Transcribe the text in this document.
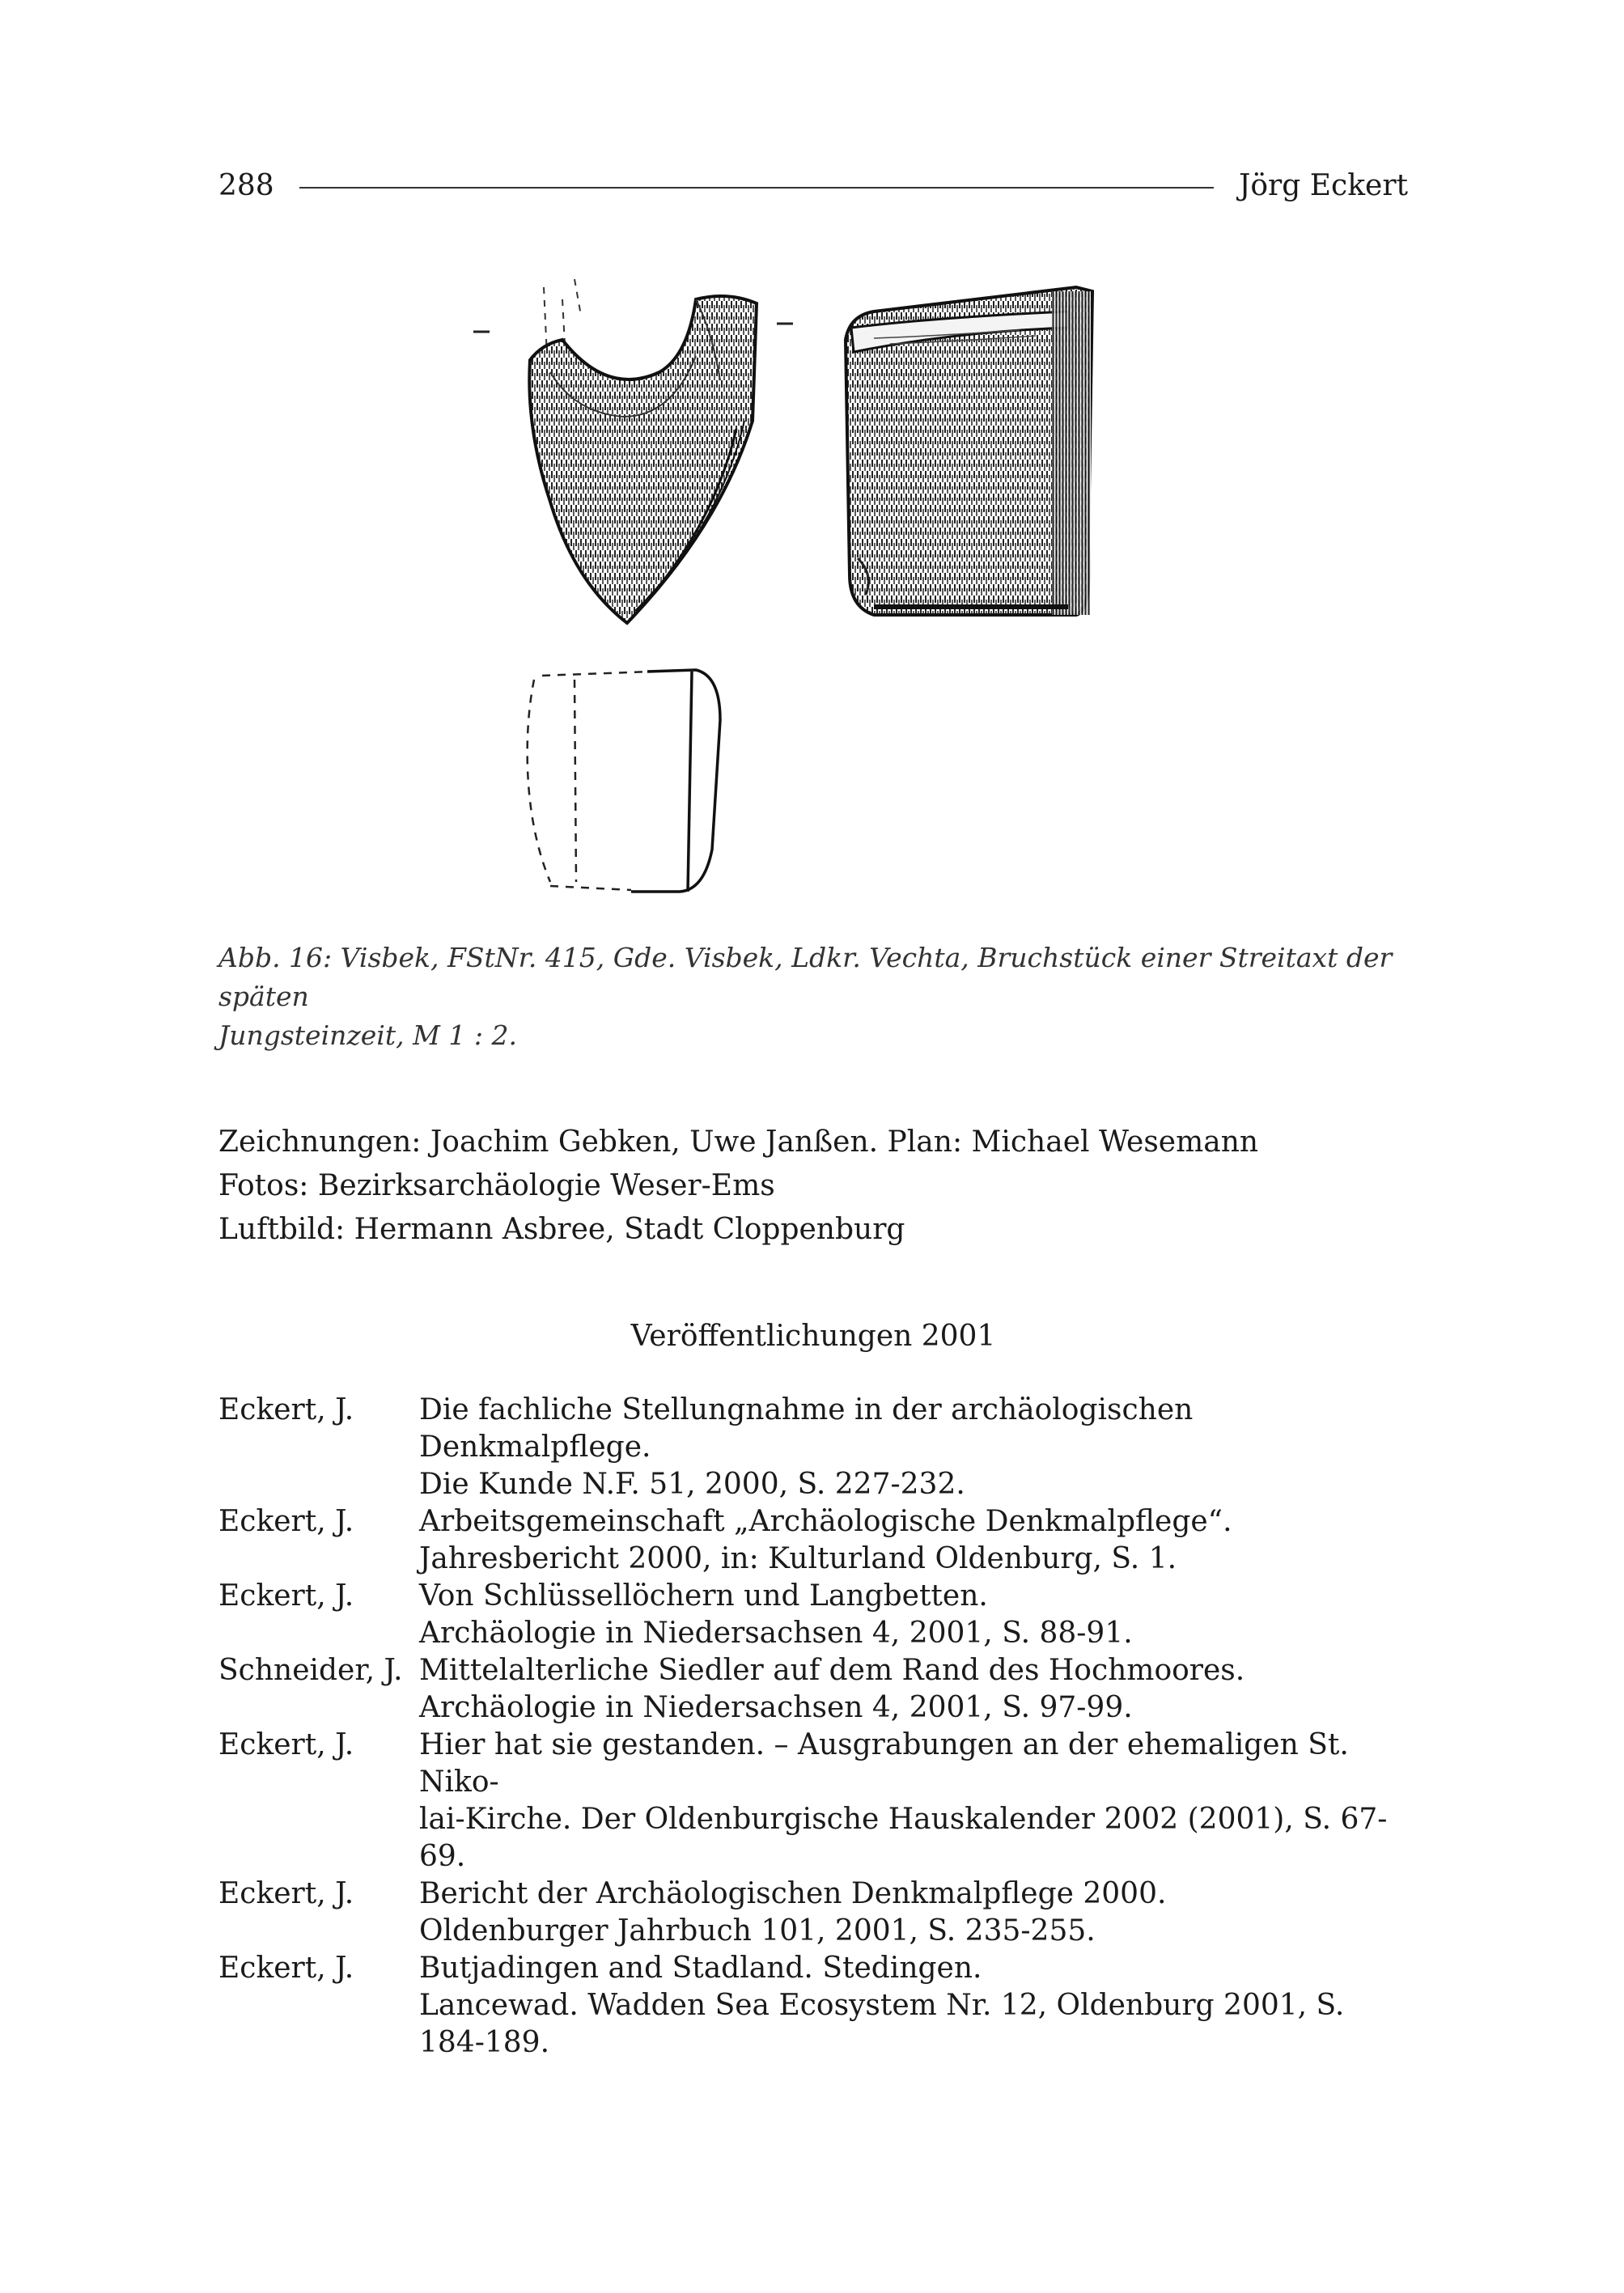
288	Jörg Eckert
Abb. 16: Visbek, FStNr. 415, Gde. Visbek, Ldkr. Vechta, Bruchstück einer Streitaxt der späten
Jungsteinzeit, M 1 : 2.
Zeichnungen: Joachim Gebken, Uwe Janßen. Plan: Michael Wesemann
Fotos: Bezirksarchäologie Weser-Ems
Luftbild: Hermann Asbree, Stadt Cloppenburg
Veröffentlichungen 2001
Eckert, J.	Die fachliche Stellungnahme in der archäologischen Denkmalpflege.
Die Kunde N.F. 51, 2000, S. 227-232.
Eckert, J.	Arbeitsgemeinschaft „Archäologische Denkmalpflege“.
Jahresbericht 2000, in: Kulturland Oldenburg, S. 1.
Eckert, J.	Von Schlüssellöchern und Langbetten.
Archäologie in Niedersachsen 4, 2001, S. 88-91.
Schneider, J. Mittelalterliche Siedler auf dem Rand des Hochmoores.
Archäologie in Niedersachsen 4, 2001, S. 97-99.
Eckert, J.	Hier hat sie gestanden. – Ausgrabungen an der ehemaligen St. Niko-
lai-Kirche. Der Oldenburgische Hauskalender 2002 (2001), S. 67-69.
Eckert, J.	Bericht der Archäologischen Denkmalpflege 2000.
Oldenburger Jahrbuch 101, 2001, S. 235-255.
Eckert, J.	Butjadingen and Stadland. Stedingen.
Lancewad. Wadden Sea Ecosystem Nr. 12, Oldenburg 2001, S. 184-189.
